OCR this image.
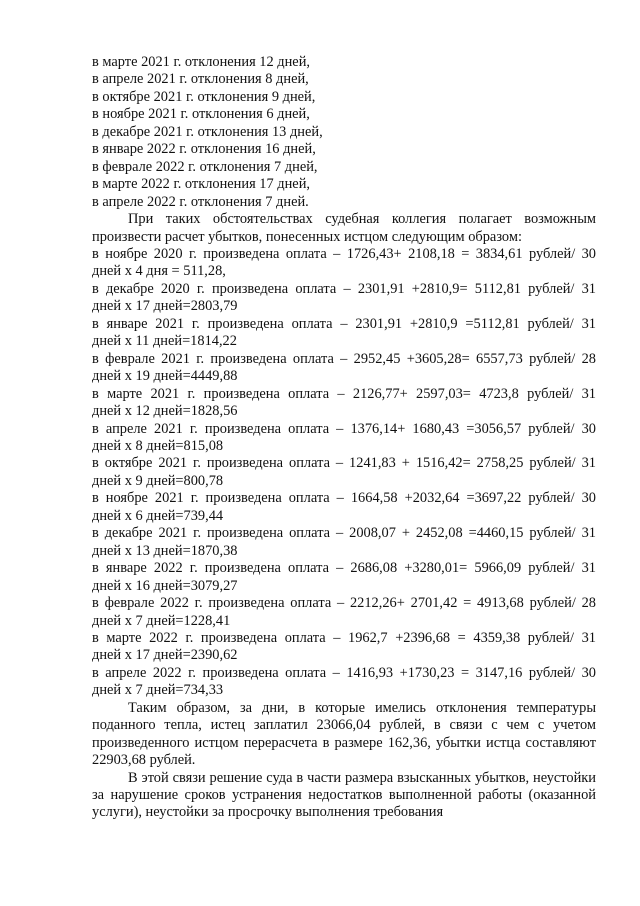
в марте 2021 г. отклонения 12 дней,

в апреле 2021 г. отклонения 8 дней,

в октябре 2021 г. отклонения 9 дней,

в ноябре 2021 г. отклонения 6 дней,

в декабре 2021 г. отклонения 13 дней,

в январе 2022 г. отклонения 16 дней,

в феврале 2022 г. отклонения 7 дней,

в марте 2022 г. отклонения 17 дней,

в апреле 2022 г. отклонения 7 дней.

При таких обстоятельствах судебная коллегия полагает возможным произвести расчет убытков, понесенных истцом следующим образом:

в ноябре 2020 г. произведена оплата – 1726,43+ 2108,18 = 3834,61 рублей/ 30

дней х 4 дня = 511,28,

в декабре 2020 г. произведена оплата – 2301,91 +2810,9= 5112,81 рублей/ 31

дней х 17 дней=2803,79

в январе 2021 г. произведена оплата – 2301,91 +2810,9 =5112,81 рублей/ 31

дней х 11 дней=1814,22

в феврале 2021 г. произведена оплата – 2952,45 +3605,28= 6557,73 рублей/ 28

дней х 19 дней=4449,88

в марте 2021 г. произведена оплата – 2126,77+ 2597,03= 4723,8 рублей/ 31

дней х 12 дней=1828,56

в апреле 2021 г. произведена оплата – 1376,14+ 1680,43 =3056,57 рублей/ 30

дней х 8 дней=815,08

в октябре 2021 г. произведена оплата – 1241,83 + 1516,42= 2758,25 рублей/ 31

дней х 9 дней=800,78

в ноябре 2021 г. произведена оплата – 1664,58 +2032,64 =3697,22 рублей/ 30

дней х 6 дней=739,44

в декабре 2021 г. произведена оплата – 2008,07 + 2452,08 =4460,15 рублей/ 31

дней х 13 дней=1870,38

в январе 2022 г. произведена оплата – 2686,08 +3280,01= 5966,09 рублей/ 31

дней х 16 дней=3079,27

в феврале 2022 г. произведена оплата – 2212,26+ 2701,42 = 4913,68 рублей/ 28

дней х 7 дней=1228,41

в марте 2022 г. произведена оплата – 1962,7 +2396,68 = 4359,38 рублей/ 31

дней х 17 дней=2390,62

в апреле 2022 г. произведена оплата – 1416,93 +1730,23 = 3147,16 рублей/ 30

дней х 7 дней=734,33

Таким образом, за дни, в которые имелись отклонения температуры поданного тепла, истец заплатил 23066,04 рублей, в связи с чем с учетом произведенного истцом перерасчета в размере 162,36, убытки истца составляют 22903,68 рублей.

В этой связи решение суда в части размера взысканных убытков, неустойки за нарушение сроков устранения недостатков выполненной работы (оказанной услуги), неустойки за просрочку выполнения требования
